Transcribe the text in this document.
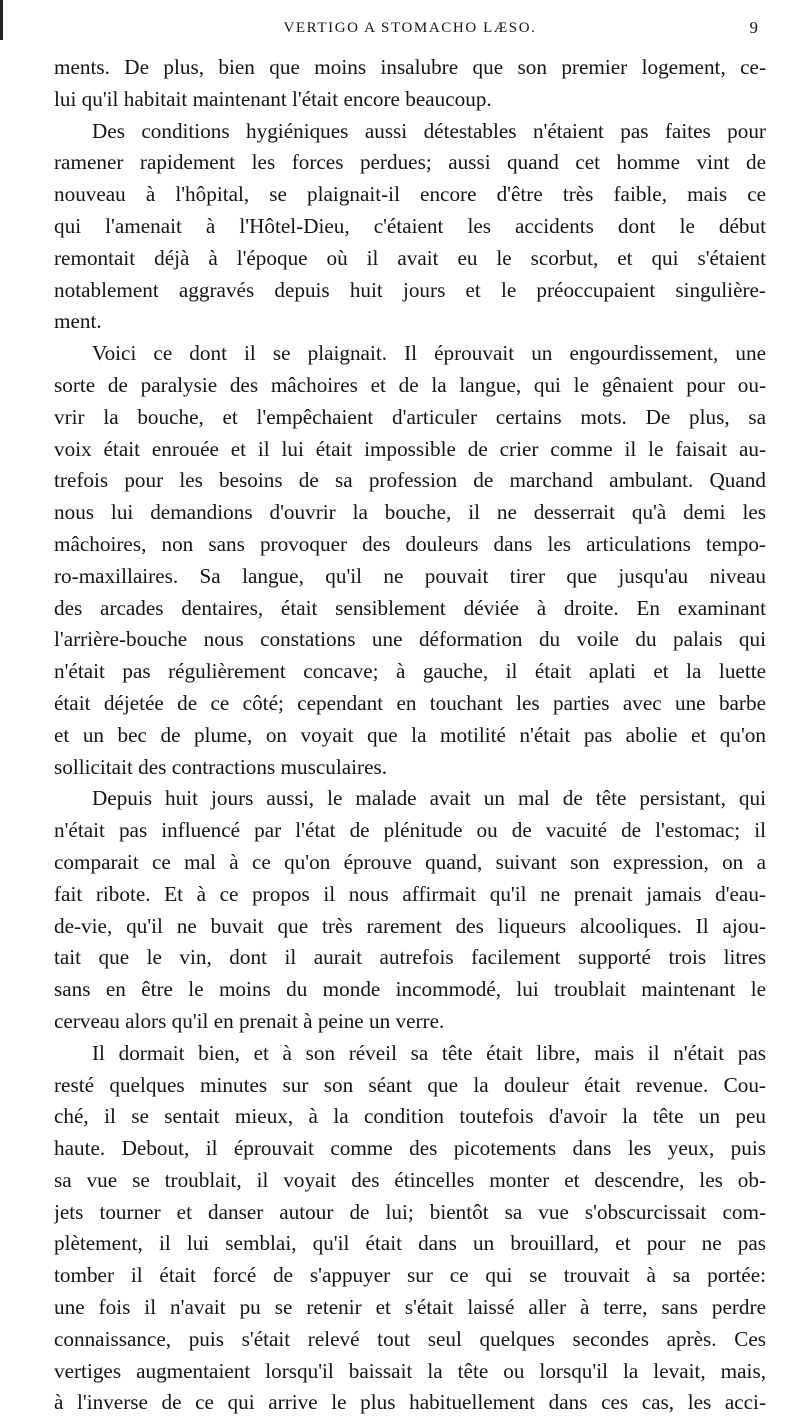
VERTIGO A STOMACHO LÆSO.	9
ments. De plus, bien que moins insalubre que son premier logement, ce-
lui qu'il habitait maintenant l'était encore beaucoup.
Des conditions hygiéniques aussi détestables n'étaient pas faites pour
ramener rapidement les forces perdues; aussi quand cet homme vint de
nouveau à l'hôpital, se plaignait-il encore d'être très faible, mais ce
qui l'amenait à l'Hôtel-Dieu, c'étaient les accidents dont le début
remontait déjà à l'époque où il avait eu le scorbut, et qui s'étaient
notablement aggravés depuis huit jours et le préoccupaient singulière-
ment.
Voici ce dont il se plaignait. Il éprouvait un engourdissement, une
sorte de paralysie des mâchoires et de la langue, qui le gênaient pour ou-
vrir la bouche, et l'empêchaient d'articuler certains mots. De plus, sa
voix était enrouée et il lui était impossible de crier comme il le faisait au-
trefois pour les besoins de sa profession de marchand ambulant. Quand
nous lui demandions d'ouvrir la bouche, il ne desserrait qu'à demi les
mâchoires, non sans provoquer des douleurs dans les articulations tempo-
ro-maxillaires. Sa langue, qu'il ne pouvait tirer que jusqu'au niveau
des arcades dentaires, était sensiblement déviée à droite. En examinant
l'arrière-bouche nous constations une déformation du voile du palais qui
n'était pas régulièrement concave; à gauche, il était aplati et la luette
était déjetée de ce côté; cependant en touchant les parties avec une barbe
et un bec de plume, on voyait que la motilité n'était pas abolie et qu'on
sollicitait des contractions musculaires.
Depuis huit jours aussi, le malade avait un mal de tête persistant, qui
n'était pas influencé par l'état de plénitude ou de vacuité de l'estomac; il
comparait ce mal à ce qu'on éprouve quand, suivant son expression, on a
fait ribote. Et à ce propos il nous affirmait qu'il ne prenait jamais d'eau-
de-vie, qu'il ne buvait que très rarement des liqueurs alcooliques. Il ajou-
tait que le vin, dont il aurait autrefois facilement supporté trois litres
sans en être le moins du monde incommodé, lui troublait maintenant le
cerveau alors qu'il en prenait à peine un verre.
Il dormait bien, et à son réveil sa tête était libre, mais il n'était pas
resté quelques minutes sur son séant que la douleur était revenue. Cou-
ché, il se sentait mieux, à la condition toutefois d'avoir la tête un peu
haute. Debout, il éprouvait comme des picotements dans les yeux, puis
sa vue se troublait, il voyait des étincelles monter et descendre, les ob-
jets tourner et danser autour de lui; bientôt sa vue s'obscurcissait com-
plètement, il lui semblai, qu'il était dans un brouillard, et pour ne pas
tomber il était forcé de s'appuyer sur ce qui se trouvait à sa portée:
une fois il n'avait pu se retenir et s'était laissé aller à terre, sans perdre
connaissance, puis s'était relevé tout seul quelques secondes après. Ces
vertiges augmentaient lorsqu'il baissait la tête ou lorsqu'il la levait, mais,
à l'inverse de ce qui arrive le plus habituellement dans ces cas, les acci-
